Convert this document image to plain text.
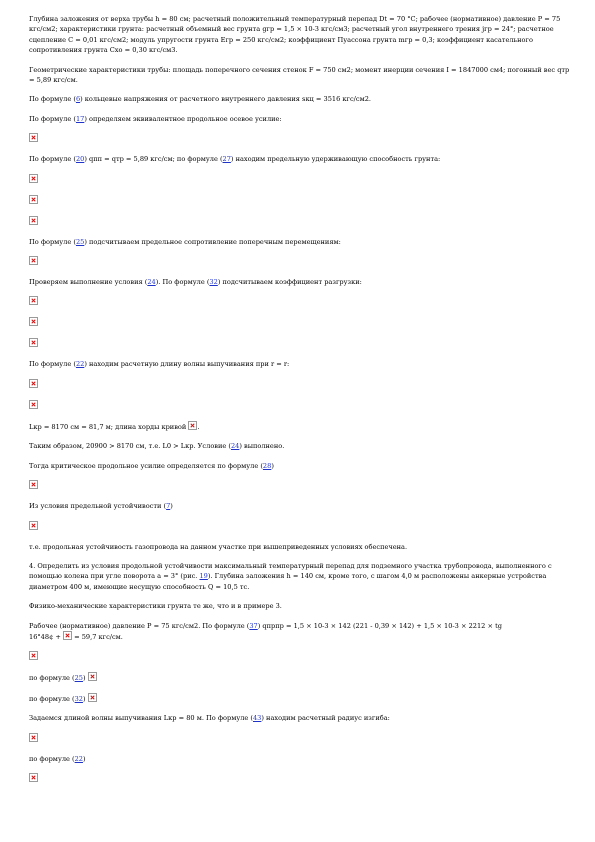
Глубина заложения от верха трубы h = 80 см; расчетный положительный температурный перепад Dt = 70 °С; рабочее (нормативное) давление P = 75 кгс/см2; характеристики грунта: расчетный объемный вес грунта gгр = 1,5 × 10-3 кгс/см3; расчетный угол внутреннего трения jгр = 24°; расчетное сцепление С = 0,01 кгс/см2; модуль упругости грунта Eгр = 250 кгс/см2; коэффициент Пуассона грунта mгр = 0,3; коэффициент касательного сопротивления грунта Cxo = 0,30 кгс/см3.

Геометрические характеристики трубы: площадь поперечного сечения стенок F = 750 см2; момент инерции сечения I = 1847000 см4; погонный вес qтр = 5,89 кгс/см.

По формуле (6) кольцевые напряжения от расчетного внутреннего давления sкц = 3516 кгс/см2.

По формуле (17) определяем эквивалентное продольное осевое усилие:

По формуле (20) qпп = qтр = 5,89 кгс/см; по формуле (27) находим предельную удерживающую способность грунта:

По формуле (25) подсчитываем предельное сопротивление поперечным перемещениям:

Проверяем выполнение условия (24). По формуле (32) подсчитываем коэффициент разгрузки:

По формуле (22) находим расчетную длину волны выпучивания при r = r:

Lкр = 8170 см = 81,7 м; длина хорды кривой .

Таким образом, 20900 > 8170 см, т.е. L0 > Lкр. Условие (24) выполнено.

Тогда критическое продольное усилие определяется по формуле (28)

Из условия предельной устойчивости (7)

т.е. продольная устойчивость газопровода на данном участке при вышеприведенных условиях обеспечена.

4. Определить из условия продольной устойчивости максимальный температурный перепад для подземного участка трубопровода, выполненного с помощью колена при угле поворота a = 3° (рис. 19). Глубина заложения h = 140 см, кроме того, с шагом 4,0 м расположены анкерные устройства диаметром 400 м, имеющие несущую способность Q = 10,5 тс.

Физико-механические характеристики грунта те же, что и в примере 3.

Рабочее (нормативное) давление P = 75 кгс/см2. По формуле (37) qпрпр = 1,5 × 10-3 × 142 (221 - 0,39 × 142) + 1,5 × 10-3 × 2212 × tg
16°48¢ +  = 59,7 кгс/см.

по формуле (25)

по формуле (32)

Задаемся длиной волны выпучивания Lкр = 80 м. По формуле (43) находим расчетный радиус изгиба:

по формуле (22)
